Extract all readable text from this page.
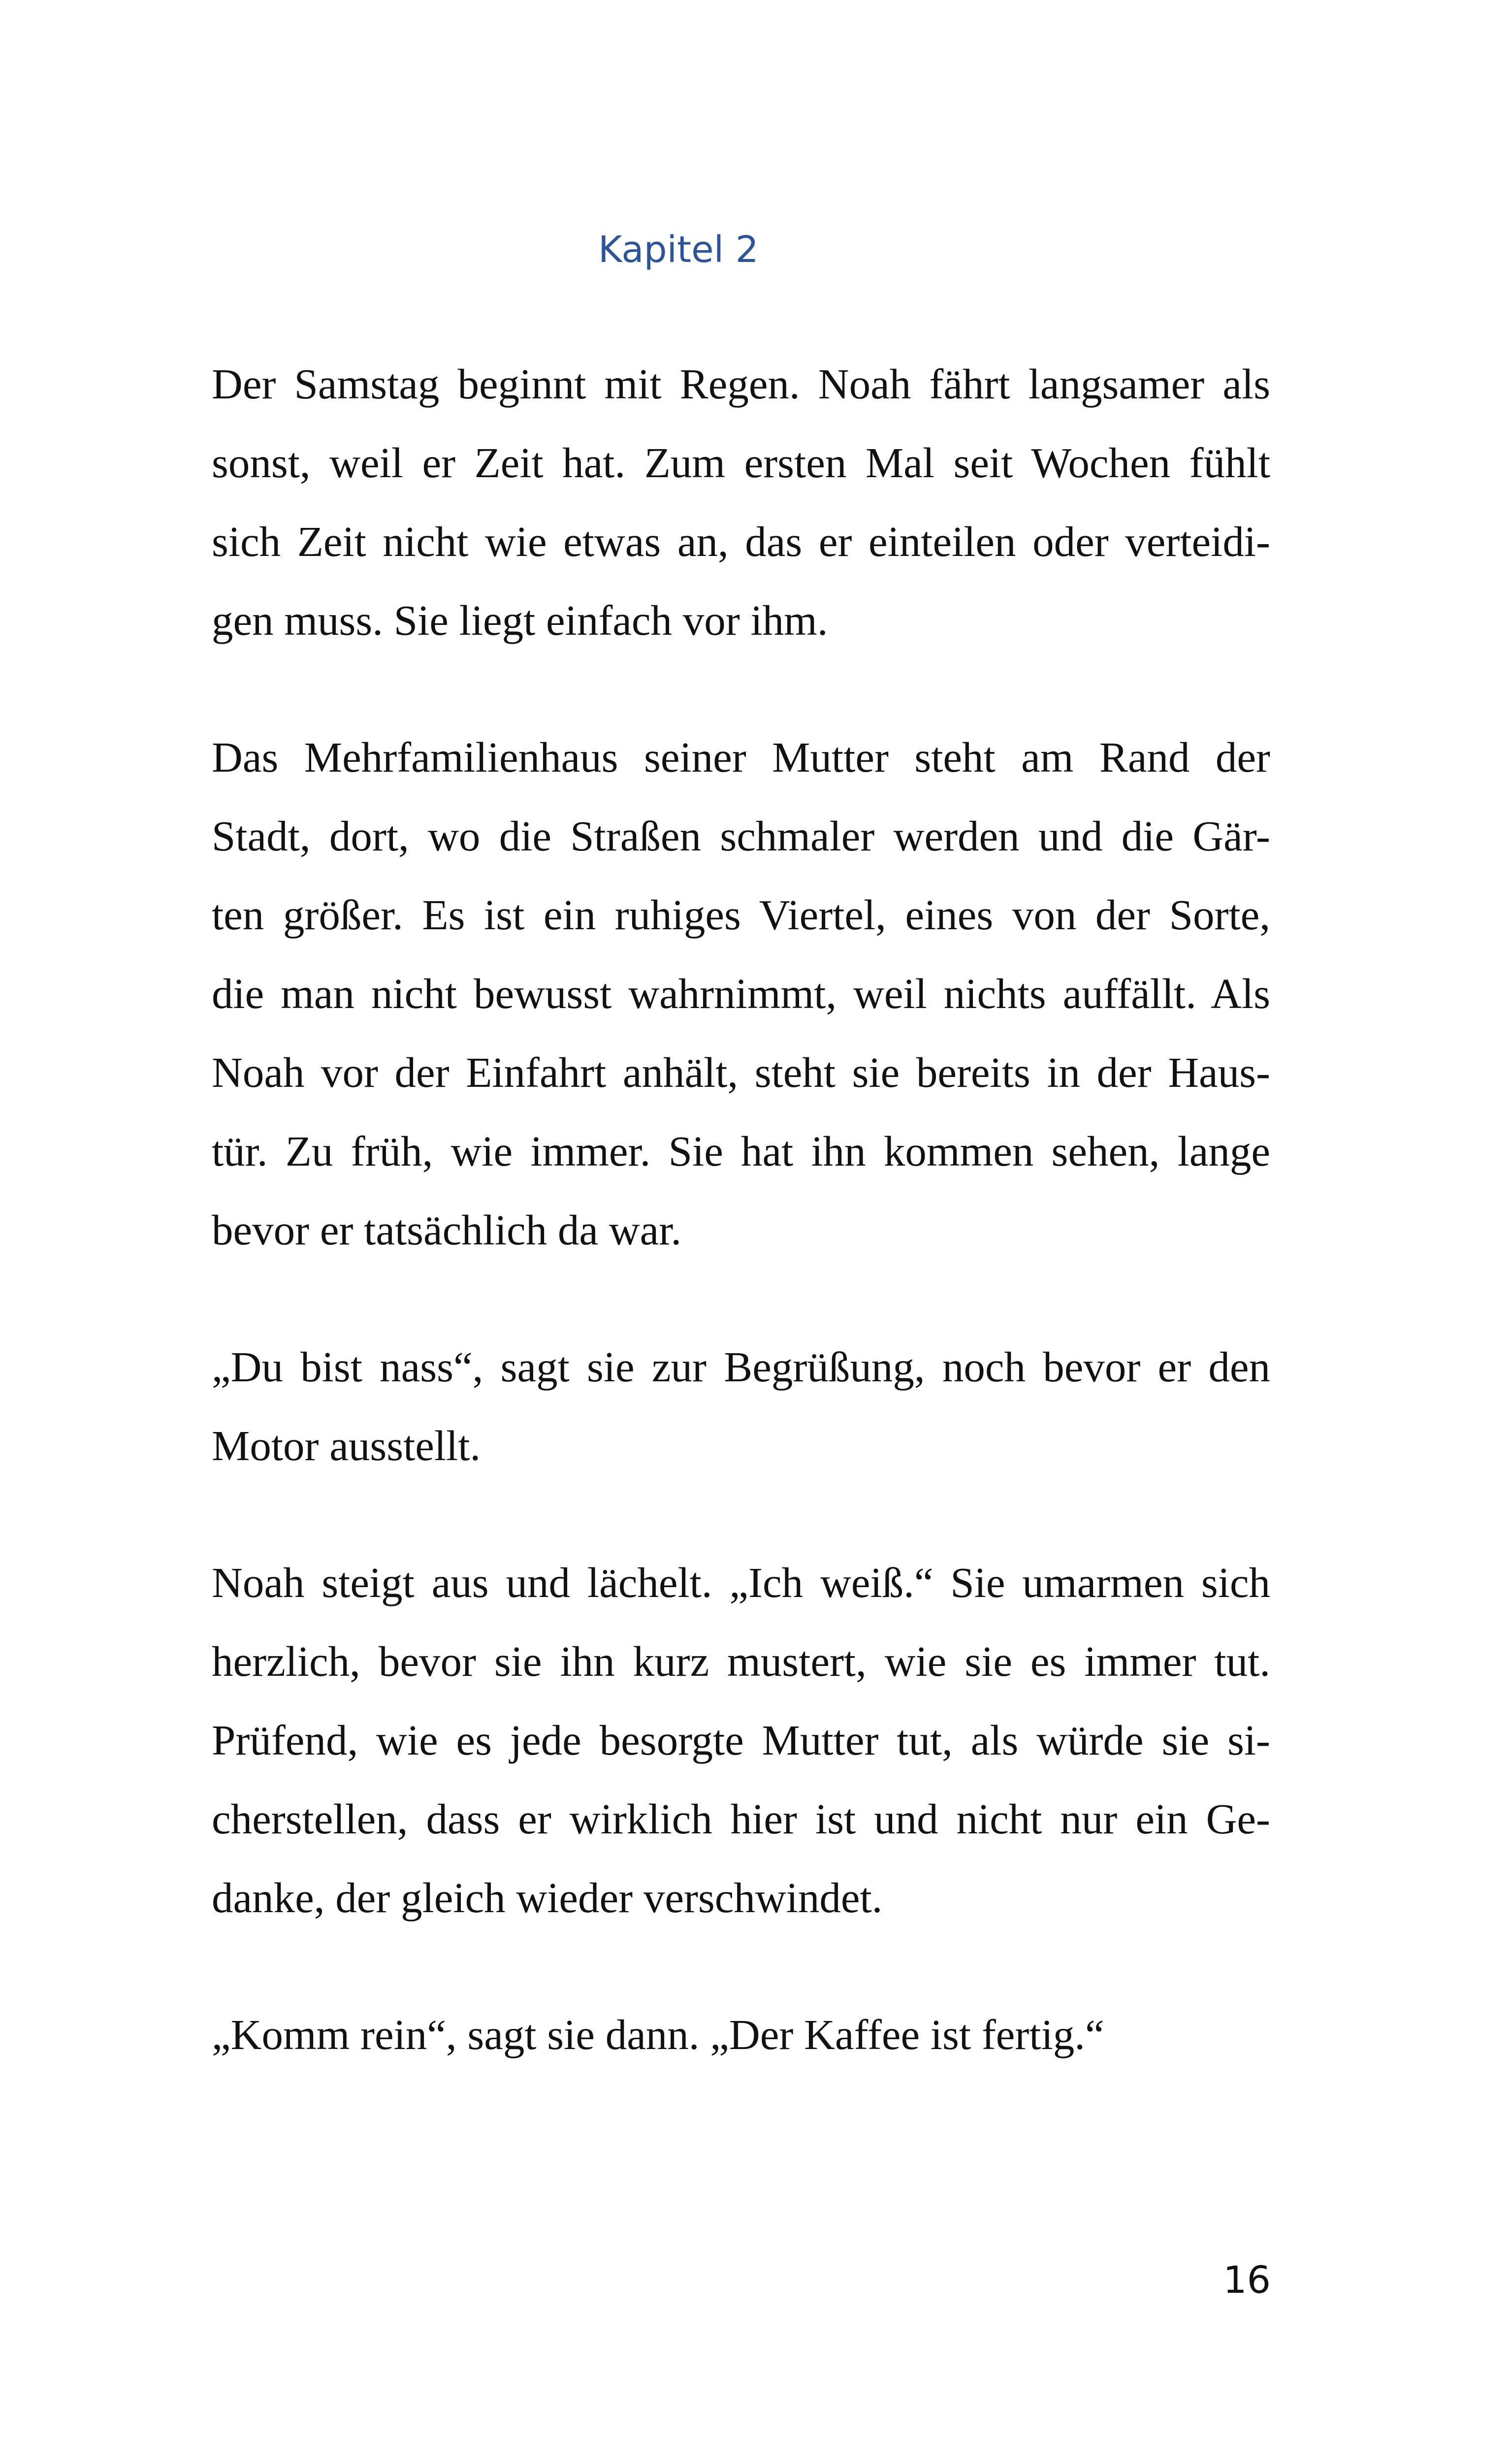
Kapitel 2

Der Samstag beginnt mit Regen. Noah fährt langsamer als
sonst, weil er Zeit hat. Zum ersten Mal seit Wochen fühlt
sich Zeit nicht wie etwas an, das er einteilen oder verteidi-
gen muss. Sie liegt einfach vor ihm.

Das Mehrfamilienhaus seiner Mutter steht am Rand der
Stadt, dort, wo die Straßen schmaler werden und die Gär-
ten größer. Es ist ein ruhiges Viertel, eines von der Sorte,
die man nicht bewusst wahrnimmt, weil nichts auffällt. Als
Noah vor der Einfahrt anhält, steht sie bereits in der Haus-
tür. Zu früh, wie immer. Sie hat ihn kommen sehen, lange
bevor er tatsächlich da war.

„Du bist nass“, sagt sie zur Begrüßung, noch bevor er den
Motor ausstellt.

Noah steigt aus und lächelt. „Ich weiß.“ Sie umarmen sich
herzlich, bevor sie ihn kurz mustert, wie sie es immer tut.
Prüfend, wie es jede besorgte Mutter tut, als würde sie si-
cherstellen, dass er wirklich hier ist und nicht nur ein Ge-
danke, der gleich wieder verschwindet.

„Komm rein“, sagt sie dann. „Der Kaffee ist fertig.“

16
